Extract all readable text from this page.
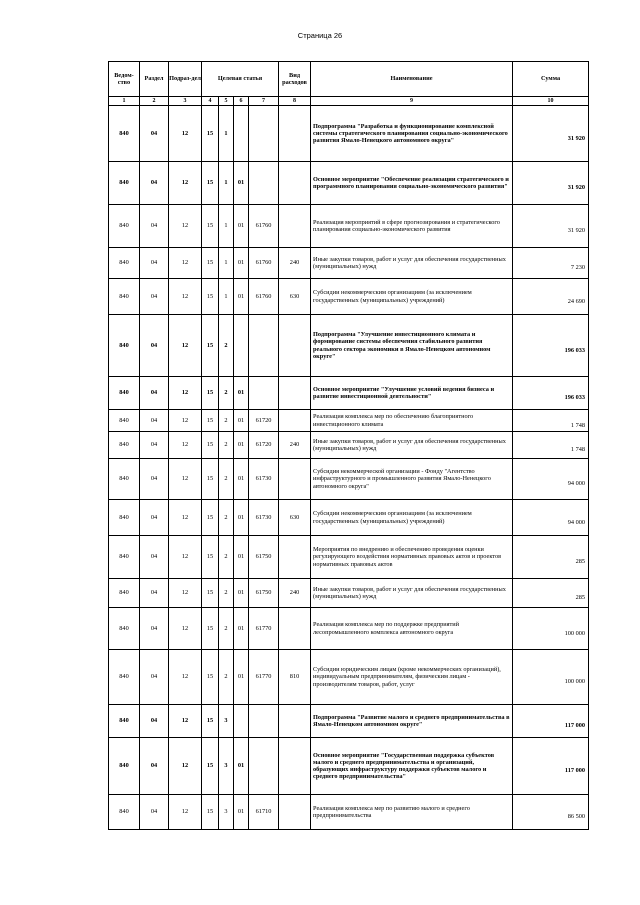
Страница 26
Ведом-ство	Раздел	Подраз-дел	Целевая статья				Вид расходов	Наименование	Сумма
1	2	3	4	5	6	7	8	9	10
840	04	12	15	1				Подпрограмма "Разработка и функционирование комплексной системы стратегического планирования социально-экономического развития Ямало-Ненецкого автономного округа"	31 920
840	04	12	15	1	01			Основное мероприятие "Обеспечение реализации стратегического и программного планирования социально-экономического развития"	31 920
840	04	12	15	1	01	61760		Реализация мероприятий в сфере прогнозирования и стратегического планирования социально-экономического развития	31 920
840	04	12	15	1	01	61760	240	Иные закупки товаров, работ и услуг для обеспечения государственных (муниципальных) нужд	7 230
840	04	12	15	1	01	61760	630	Субсидии некоммерческим организациям (за исключением государственных (муниципальных) учреждений)	24 690
840	04	12	15	2				Подпрограмма "Улучшение инвестиционного климата и формирование системы обеспечения стабильного развития реального сектора экономики в Ямало-Ненецком автономном округе"	196 033
840	04	12	15	2	01			Основное мероприятие "Улучшение условий ведения бизнеса и развитие инвестиционной деятельности"	196 033
840	04	12	15	2	01	61720		Реализация комплекса мер по обеспечению благоприятного инвестиционного климата	1 748
840	04	12	15	2	01	61720	240	Иные закупки товаров, работ и услуг для обеспечения государственных (муниципальных) нужд	1 748
840	04	12	15	2	01	61730		Субсидия некоммерческой организации - Фонду "Агентство инфраструктурного и промышленного развития Ямало-Ненецкого автономного округа"	94 000
840	04	12	15	2	01	61730	630	Субсидии некоммерческим организациям (за исключением государственных (муниципальных) учреждений)	94 000
840	04	12	15	2	01	61750		Мероприятия по внедрению и обеспечению проведения оценки регулирующего воздействия нормативных правовых актов и проектов нормативных правовых актов	285
840	04	12	15	2	01	61750	240	Иные закупки товаров, работ и услуг для обеспечения государственных (муниципальных) нужд	285
840	04	12	15	2	01	61770		Реализация комплекса мер по поддержке предприятий лесопромышленного комплекса автономного округа	100 000
840	04	12	15	2	01	61770	810	Субсидии юридическим лицам (кроме некоммерческих организаций), индивидуальным предпринимателям, физическим лицам - производителям товаров, работ, услуг	100 000
840	04	12	15	3				Подпрограмма "Развитие малого и среднего предпринимательства в Ямало-Ненецком автономном округе"	117 000
840	04	12	15	3	01			Основное мероприятие "Государственная поддержка субъектов малого и среднего предпринимательства и организаций, образующих инфраструктуру поддержки субъектов малого и среднего предпринимательства"	117 000
840	04	12	15	3	01	61710		Реализация комплекса мер по развитию малого и среднего предпринимательства	86 500
